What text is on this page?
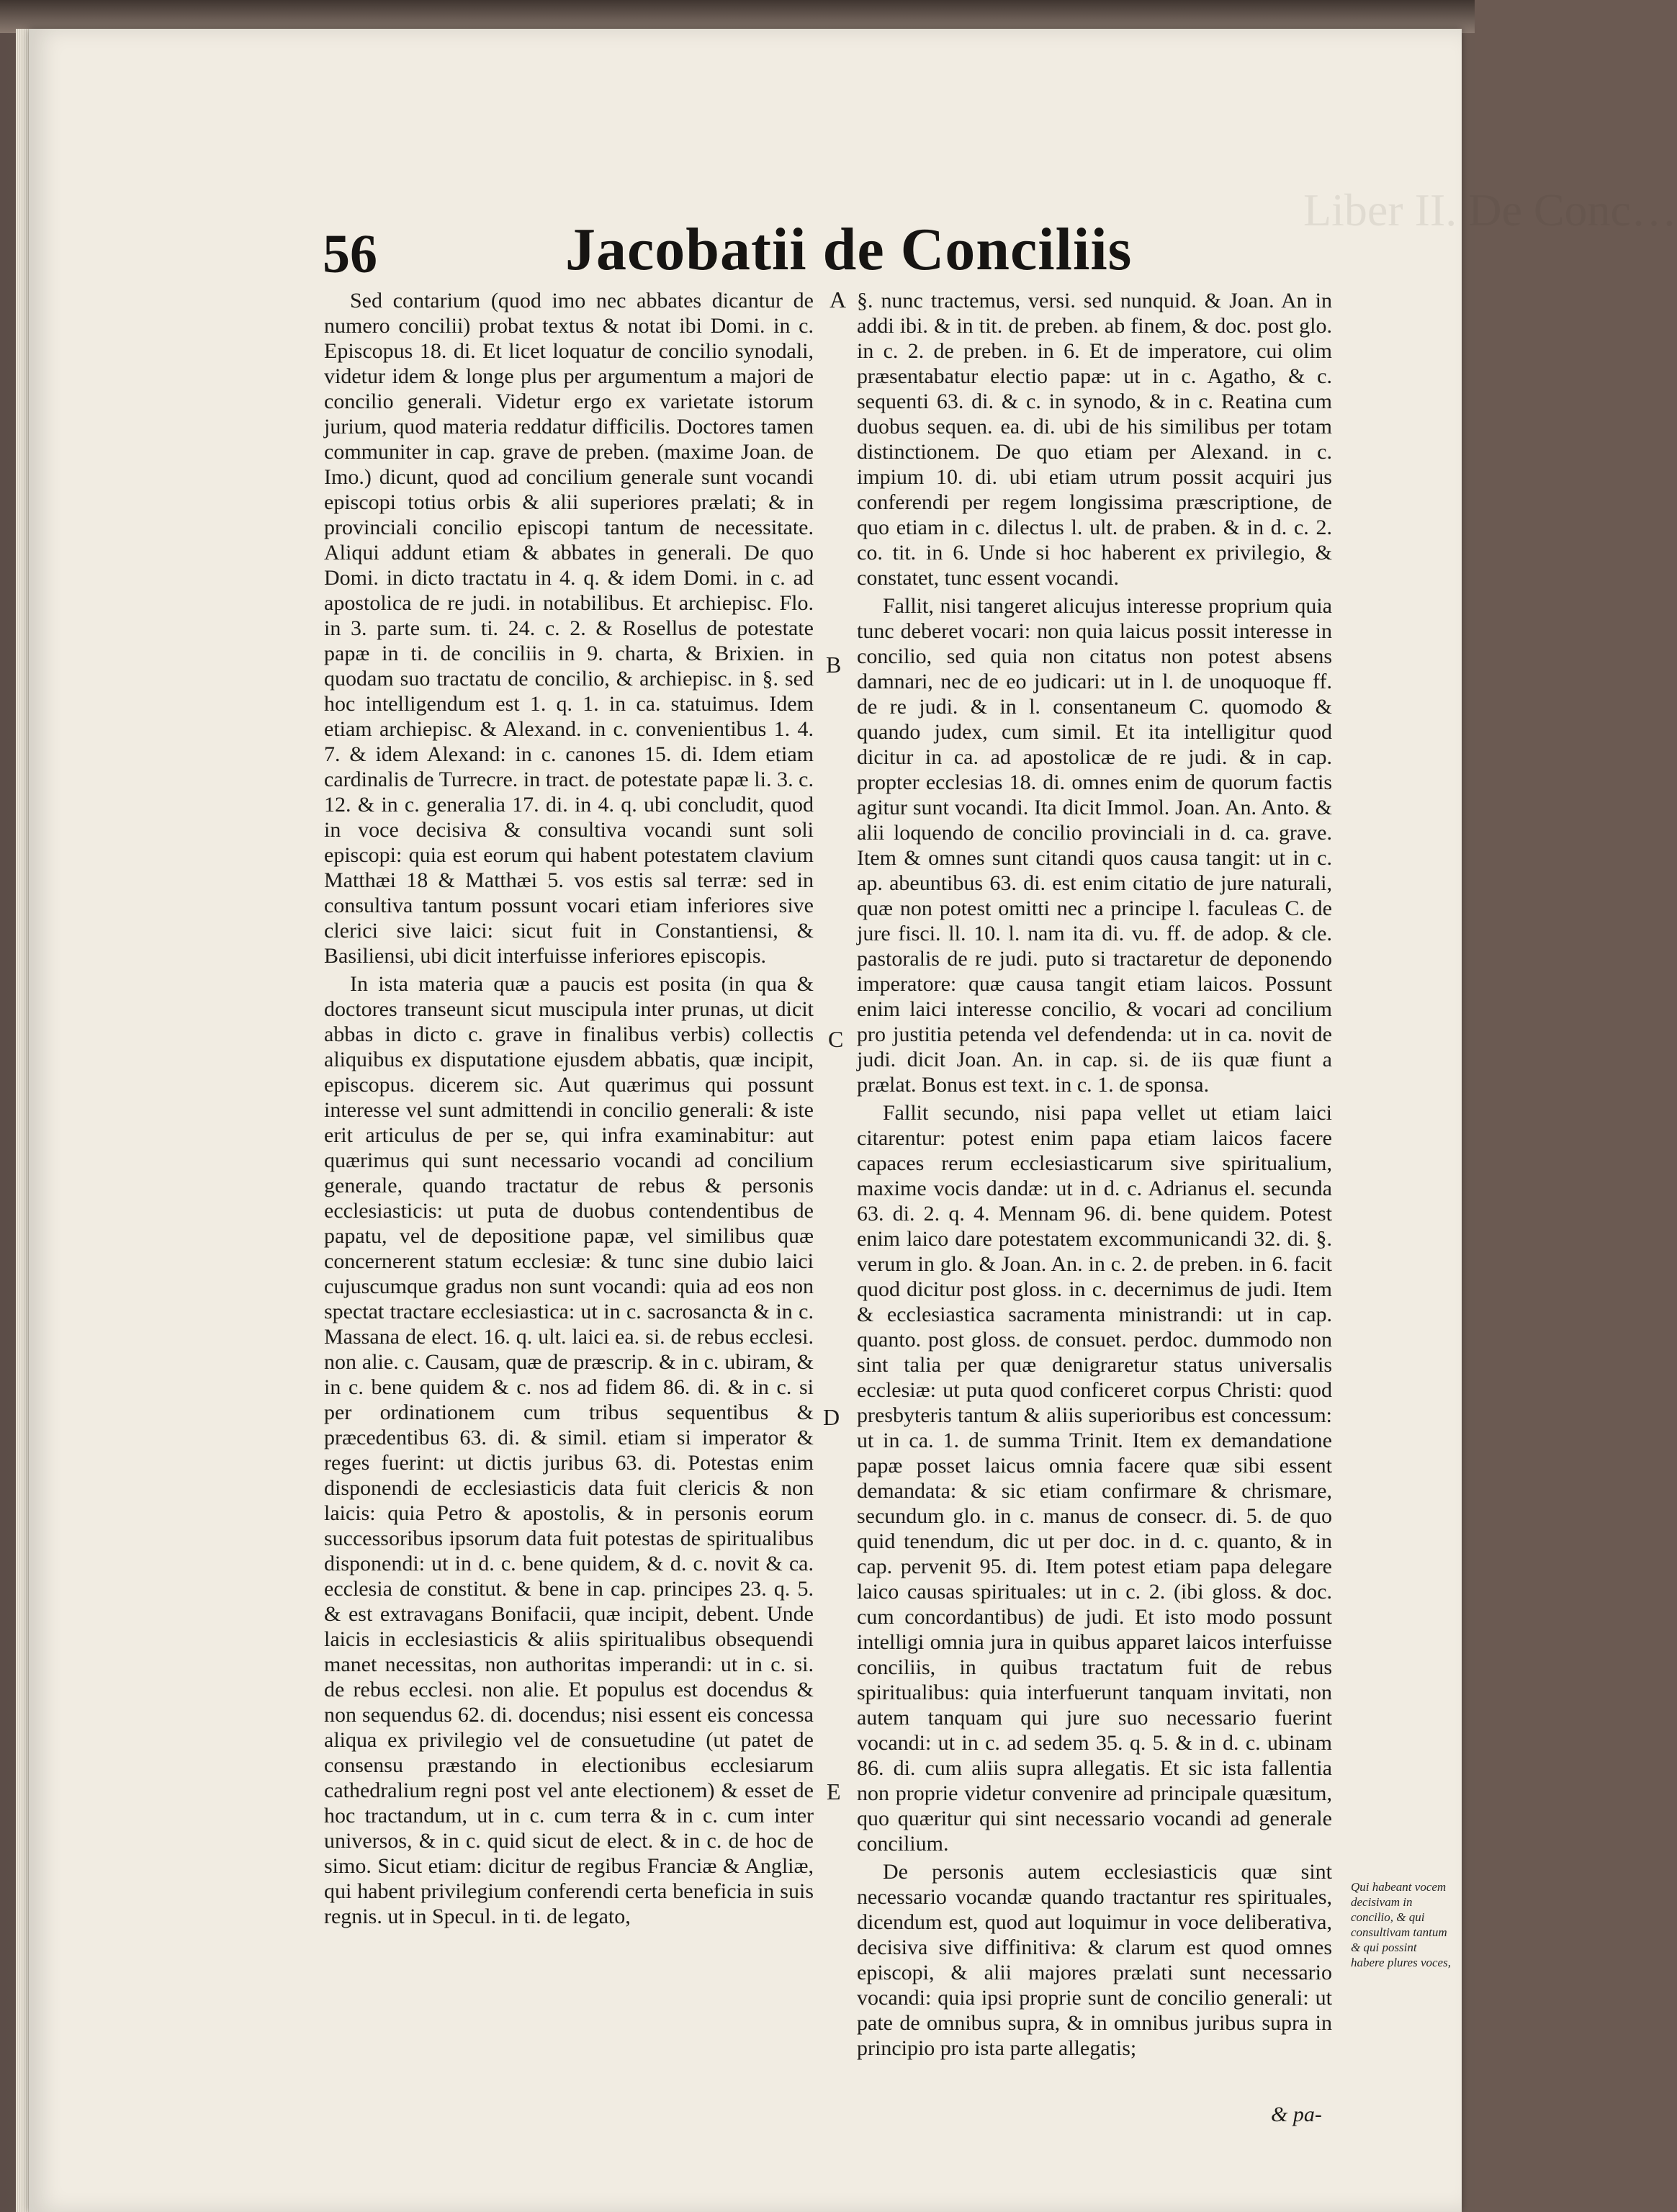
Liber II. De Conc…
56	Jacobatii de Conciliis

Sed contarium (quod imo nec abbates dicantur de numero concilii) probat textus & notat ibi Domi. in c. Episcopus 18. di. Et licet loquatur de concilio synodali, videtur idem & longe plus per argumentum a majori de concilio generali. Videtur ergo ex varietate istorum jurium, quod materia reddatur difficilis. Doctores tamen communiter in cap. grave de preben. (maxime Joan. de Imo.) dicunt, quod ad concilium generale sunt vocandi episcopi totius orbis & alii superiores prælati; & in provinciali concilio episcopi tantum de necessitate. Aliqui addunt etiam & abbates in generali. De quo Domi. in dicto tractatu in 4. q. & idem Domi. in c. ad apostolica de re judi. in notabilibus. Et archiepisc. Flo. in 3. parte sum. ti. 24. c. 2. & Rosellus de potestate papæ in ti. de conciliis in 9. charta, & Brixien. in quodam suo tractatu de concilio, & archiepisc. in §. sed hoc intelligendum est 1. q. 1. in ca. statuimus. Idem etiam archiepisc. & Alexand. in c. convenientibus 1. 4. 7. & idem Alexand: in c. canones 15. di. Idem etiam cardinalis de Turrecre. in tract. de potestate papæ li. 3. c. 12. & in c. generalia 17. di. in 4. q. ubi concludit, quod in voce decisiva & consultiva vocandi sunt soli episcopi: quia est eorum qui habent potestatem clavium Matthæi 18 & Matthæi 5. vos estis sal terræ: sed in consultiva tantum possunt vocari etiam inferiores sive clerici sive laici: sicut fuit in Constantiensi, & Basiliensi, ubi dicit interfuisse inferiores episcopis.

In ista materia quæ a paucis est posita (in qua & doctores transeunt sicut muscipula inter prunas, ut dicit abbas in dicto c. grave in finalibus verbis) collectis aliquibus ex disputatione ejusdem abbatis, quæ incipit, episcopus. dicerem sic. Aut quærimus qui possunt interesse vel sunt admittendi in concilio generali: & iste erit articulus de per se, qui infra examinabitur: aut quærimus qui sunt necessario vocandi ad concilium generale, quando tractatur de rebus & personis ecclesiasticis: ut puta de duobus contendentibus de papatu, vel de depositione papæ, vel similibus quæ concernerent statum ecclesiæ: & tunc sine dubio laici cujuscumque gradus non sunt vocandi: quia ad eos non spectat tractare ecclesiastica: ut in c. sacrosancta & in c. Massana de elect. 16. q. ult. laici ea. si. de rebus ecclesi. non alie. c. Causam, quæ de præscrip. & in c. ubiram, & in c. bene quidem & c. nos ad fidem 86. di. & in c. si per ordinationem cum tribus sequentibus & præcedentibus 63. di. & simil. etiam si imperator & reges fuerint: ut dictis juribus 63. di. Potestas enim disponendi de ecclesiasticis data fuit clericis & non laicis: quia Petro & apostolis, & in personis eorum successoribus ipsorum data fuit potestas de spiritualibus disponendi: ut in d. c. bene quidem, & d. c. novit & ca. ecclesia de constitut. & bene in cap. principes 23. q. 5. & est extravagans Bonifacii, quæ incipit, debent. Unde laicis in ecclesiasticis & aliis spiritualibus obsequendi manet necessitas, non authoritas imperandi: ut in c. si. de rebus ecclesi. non alie. Et populus est docendus & non sequendus 62. di. docendus; nisi essent eis concessa aliqua ex privilegio vel de consuetudine (ut patet de consensu præstando in electionibus ecclesiarum cathedralium regni post vel ante electionem) & esset de hoc tractandum, ut in c. cum terra & in c. cum inter universos, & in c. quid sicut de elect. & in c. de hoc de simo. Sicut etiam: dicitur de regibus Franciæ & Angliæ, qui habent privilegium conferendi certa beneficia in suis regnis. ut in Specul. in ti. de legato,

§. nunc tractemus, versi. sed nunquid. & Joan. An in addi ibi. & in tit. de preben. ab finem, & doc. post glo. in c. 2. de preben. in 6. Et de imperatore, cui olim præsentabatur electio papæ: ut in c. Agatho, & c. sequenti 63. di. & c. in synodo, & in c. Reatina cum duobus sequen. ea. di. ubi de his similibus per totam distinctionem. De quo etiam per Alexand. in c. impium 10. di. ubi etiam utrum possit acquiri jus conferendi per regem longissima præscriptione, de quo etiam in c. dilectus l. ult. de praben. & in d. c. 2. co. tit. in 6. Unde si hoc haberent ex privilegio, & constatet, tunc essent vocandi.

Fallit, nisi tangeret alicujus interesse proprium quia tunc deberet vocari: non quia laicus possit interesse in concilio, sed quia non citatus non potest absens damnari, nec de eo judicari: ut in l. de unoquoque ff. de re judi. & in l. consentaneum C. quomodo & quando judex, cum simil. Et ita intelligitur quod dicitur in ca. ad apostolicæ de re judi. & in cap. propter ecclesias 18. di. omnes enim de quorum factis agitur sunt vocandi. Ita dicit Immol. Joan. An. Anto. & alii loquendo de concilio provinciali in d. ca. grave. Item & omnes sunt citandi quos causa tangit: ut in c. ap. abeuntibus 63. di. est enim citatio de jure naturali, quæ non potest omitti nec a principe l. faculeas C. de jure fisci. ll. 10. l. nam ita di. vu. ff. de adop. & cle. pastoralis de re judi. puto si tractaretur de deponendo imperatore: quæ causa tangit etiam laicos. Possunt enim laici interesse concilio, & vocari ad concilium pro justitia petenda vel defendenda: ut in ca. novit de judi. dicit Joan. An. in cap. si. de iis quæ fiunt a prælat. Bonus est text. in c. 1. de sponsa.

Fallit secundo, nisi papa vellet ut etiam laici citarentur: potest enim papa etiam laicos facere capaces rerum ecclesiasticarum sive spiritualium, maxime vocis dandæ: ut in d. c. Adrianus el. secunda 63. di. 2. q. 4. Mennam 96. di. bene quidem. Potest enim laico dare potestatem excommunicandi 32. di. §. verum in glo. & Joan. An. in c. 2. de preben. in 6. facit quod dicitur post gloss. in c. decernimus de judi. Item & ecclesiastica sacramenta ministrandi: ut in cap. quanto. post gloss. de consuet. perdoc. dummodo non sint talia per quæ denigraretur status universalis ecclesiæ: ut puta quod conficeret corpus Christi: quod presbyteris tantum & aliis superioribus est concessum: ut in ca. 1. de summa Trinit. Item ex demandatione papæ posset laicus omnia facere quæ sibi essent demandata: & sic etiam confirmare & chrismare, secundum glo. in c. manus de consecr. di. 5. de quo quid tenendum, dic ut per doc. in d. c. quanto, & in cap. pervenit 95. di. Item potest etiam papa delegare laico causas spirituales: ut in c. 2. (ibi gloss. & doc. cum concordantibus) de judi. Et isto modo possunt intelligi omnia jura in quibus apparet laicos interfuisse conciliis, in quibus tractatum fuit de rebus spiritualibus: quia interfuerunt tanquam invitati, non autem tanquam qui jure suo necessario fuerint vocandi: ut in c. ad sedem 35. q. 5. & in d. c. ubinam 86. di. cum aliis supra allegatis. Et sic ista fallentia non proprie videtur convenire ad principale quæsitum, quo quæritur qui sint necessario vocandi ad generale concilium.

De personis autem ecclesiasticis quæ sint necessario vocandæ quando tractantur res spirituales, dicendum est, quod aut loquimur in voce deliberativa, decisiva sive diffinitiva: & clarum est quod omnes episcopi, & alii majores prælati sunt necessario vocandi: quia ipsi proprie sunt de concilio generali: ut pate de omnibus supra, & in omnibus juribus supra in principio pro ista parte allegatis;

A
B
C
D
E
Qui habeant vocem decisivam in concilio, & qui consultivam tantum & qui possint habere plures voces,
& pa-
